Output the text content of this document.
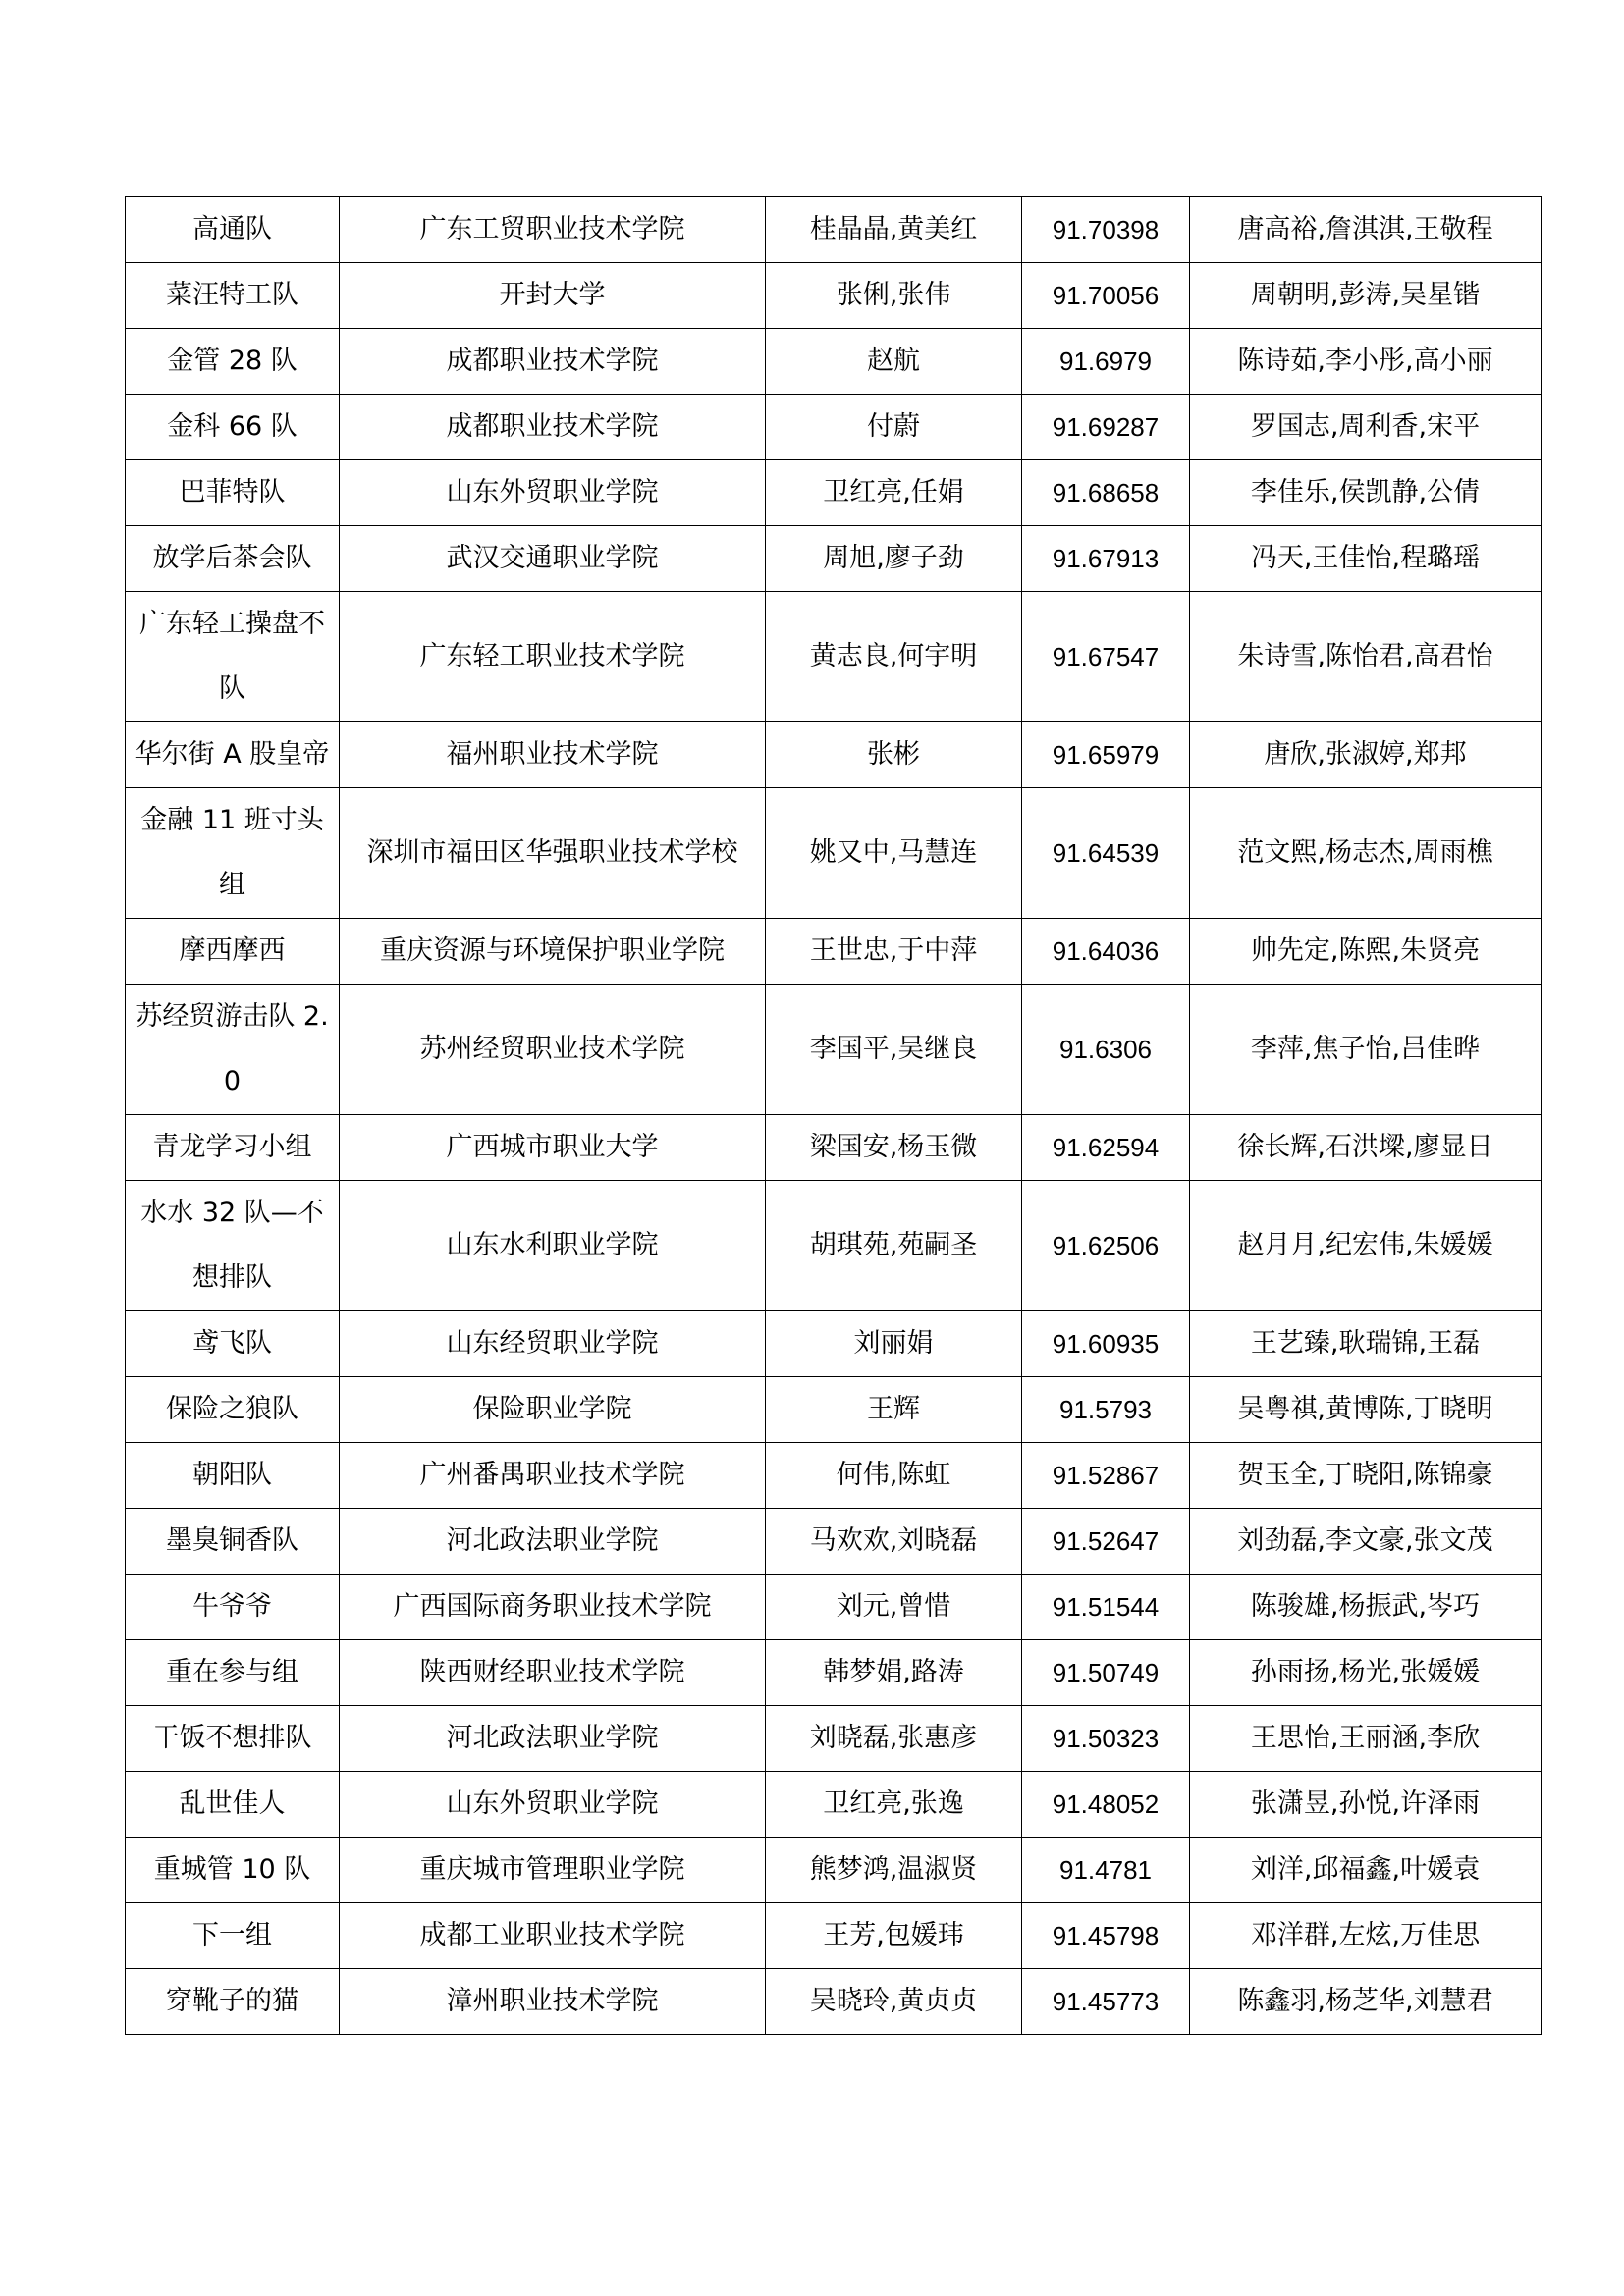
高通队	广东工贸职业技术学院	桂晶晶,黄美红	91.70398	唐高裕,詹淇淇,王敬程
菜汪特工队	开封大学	张俐,张伟	91.70056	周朝明,彭涛,吴星锴
金管 28 队	成都职业技术学院	赵航	91.6979	陈诗茹,李小彤,高小丽
金科 66 队	成都职业技术学院	付蔚	91.69287	罗国志,周利香,宋平
巴菲特队	山东外贸职业学院	卫红亮,任娟	91.68658	李佳乐,侯凯静,公倩
放学后茶会队	武汉交通职业学院	周旭,廖子劲	91.67913	冯天,王佳怡,程璐瑶
广东轻工操盘不队	广东轻工职业技术学院	黄志良,何宇明	91.67547	朱诗雪,陈怡君,高君怡
华尔街 A 股皇帝	福州职业技术学院	张彬	91.65979	唐欣,张淑婷,郑邦
金融 11 班寸头组	深圳市福田区华强职业技术学校	姚又中,马慧连	91.64539	范文熙,杨志杰,周雨樵
摩西摩西	重庆资源与环境保护职业学院	王世忠,于中萍	91.64036	帅先定,陈熙,朱贤亮
苏经贸游击队 2.0	苏州经贸职业技术学院	李国平,吴继良	91.6306	李萍,焦子怡,吕佳晔
青龙学习小组	广西城市职业大学	梁国安,杨玉微	91.62594	徐长辉,石洪墚,廖显日
水水 32 队—不想排队	山东水利职业学院	胡琪苑,苑嗣圣	91.62506	赵月月,纪宏伟,朱媛媛
鸢飞队	山东经贸职业学院	刘丽娟	91.60935	王艺臻,耿瑞锦,王磊
保险之狼队	保险职业学院	王辉	91.5793	吴粤祺,黄博陈,丁晓明
朝阳队	广州番禺职业技术学院	何伟,陈虹	91.52867	贺玉全,丁晓阳,陈锦豪
墨臭铜香队	河北政法职业学院	马欢欢,刘晓磊	91.52647	刘劲磊,李文豪,张文茂
牛爷爷	广西国际商务职业技术学院	刘元,曾惜	91.51544	陈骏雄,杨振武,岑巧
重在参与组	陕西财经职业技术学院	韩梦娟,路涛	91.50749	孙雨扬,杨光,张媛媛
干饭不想排队	河北政法职业学院	刘晓磊,张惠彦	91.50323	王思怡,王丽涵,李欣
乱世佳人	山东外贸职业学院	卫红亮,张逸	91.48052	张潇昱,孙悦,许泽雨
重城管 10 队	重庆城市管理职业学院	熊梦鸿,温淑贤	91.4781	刘洋,邱福鑫,叶媛袁
下一组	成都工业职业技术学院	王芳,包媛玮	91.45798	邓洋群,左炫,万佳思
穿靴子的猫	漳州职业技术学院	吴晓玲,黄贞贞	91.45773	陈鑫羽,杨芝华,刘慧君
